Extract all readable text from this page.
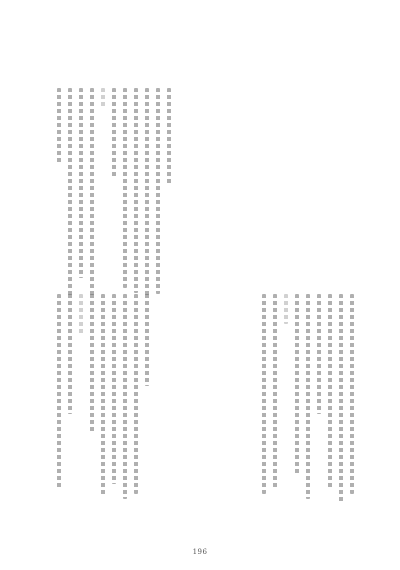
196
